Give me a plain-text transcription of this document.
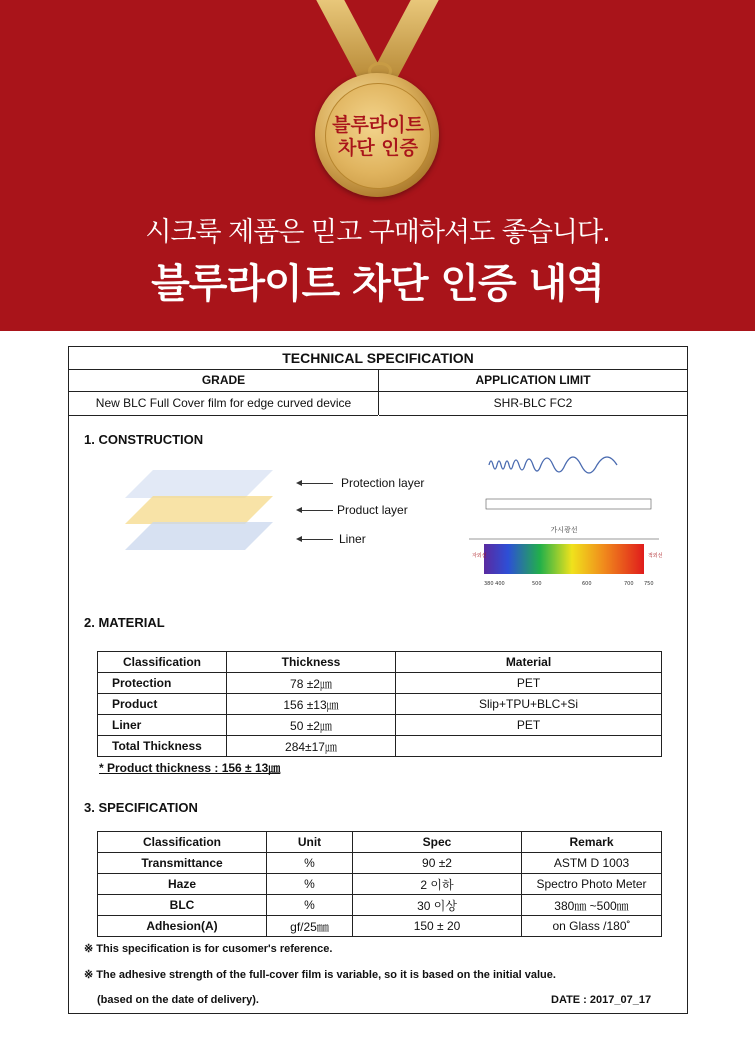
블루라이트
차단 인증
시크룩 제품은 믿고 구매하셔도 좋습니다.
블루라이트 차단 인증 내역
TECHNICAL SPECIFICATION
GRADE	APPLICATION LIMIT
New BLC Full Cover film for edge curved device	SHR-BLC FC2
1. CONSTRUCTION
Protection layer
Product layer
Liner
가시광선
자외선	적외선
380 400	500	600	700 750
2. MATERIAL
Classification	Thickness	Material
Protection	78 ±2㎛	PET
Product	156 ±13㎛	Slip+TPU+BLC+Si
Liner	50 ±2㎛	PET
Total Thickness	284±17㎛	
* Product thickness : 156 ± 13㎛
3. SPECIFICATION
Classification	Unit	Spec	Remark
Transmittance	%	90 ±2	ASTM D 1003
Haze	%	2 이하	Spectro Photo Meter
BLC	%	30 이상	380㎚ ~500㎚
Adhesion(A)	gf/25㎜	150 ± 20	on Glass /180˚
※ This specification is for cusomer's reference.
※ The adhesive strength of the full-cover film is variable, so it is based on the initial value.
(based on the date of delivery).	DATE : 2017_07_17
